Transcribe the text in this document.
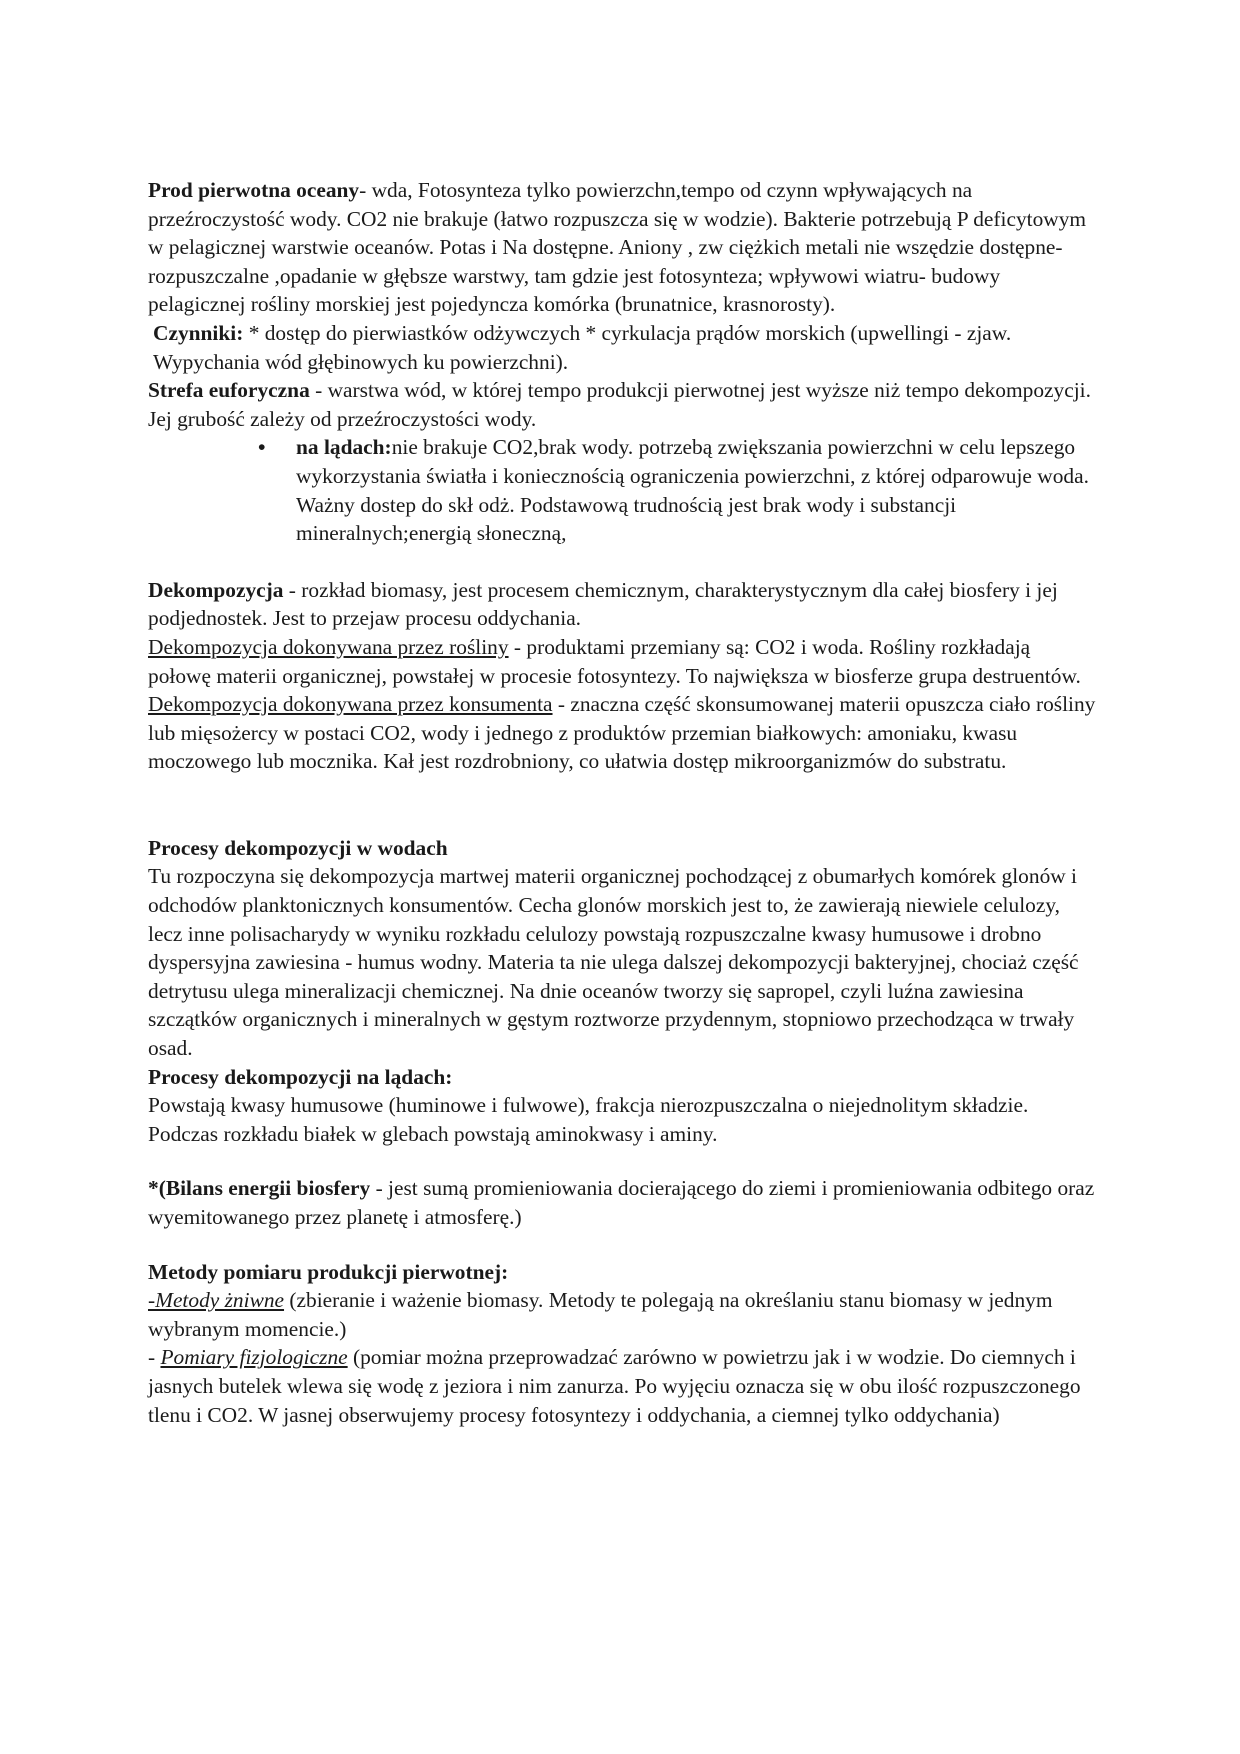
Prod pierwotna oceany- wda, Fotosynteza tylko powierzchn,tempo od czynn wpływających na przeźroczystość wody. CO2 nie brakuje (łatwo rozpuszcza się w wodzie). Bakterie potrzebują P deficytowym w pelagicznej warstwie oceanów. Potas i Na dostępne. Aniony , zw ciężkich metali nie wszędzie dostępne-rozpuszczalne ,opadanie w głębsze warstwy, tam gdzie jest fotosynteza; wpływowi wiatru- budowy pelagicznej rośliny morskiej jest pojedyncza komórka (brunatnice, krasnorosty).

Czynniki: * dostęp do pierwiastków odżywczych * cyrkulacja prądów morskich (upwellingi - zjaw. Wypychania wód głębinowych ku powierzchni).

Strefa euforyczna - warstwa wód, w której tempo produkcji pierwotnej jest wyższe niż tempo dekompozycji. Jej grubość zależy od przeźroczystości wody.

• na lądach:nie brakuje CO2,brak wody. potrzebą zwiększania powierzchni w celu lepszego wykorzystania światła i koniecznością ograniczenia powierzchni, z której odparowuje woda. Ważny dostep do skł odż. Podstawową trudnością jest brak wody i substancji mineralnych;energią słoneczną,

Dekompozycja - rozkład biomasy, jest procesem chemicznym, charakterystycznym dla całej biosfery i jej podjednostek. Jest to przejaw procesu oddychania.

Dekompozycja dokonywana przez rośliny - produktami przemiany są: CO2 i woda. Rośliny rozkładają połowę materii organicznej, powstałej w procesie fotosyntezy. To największa w biosferze grupa destruentów.

Dekompozycja dokonywana przez konsumenta - znaczna część skonsumowanej materii opuszcza ciało rośliny lub mięsożercy w postaci CO2, wody i jednego z produktów przemian białkowych: amoniaku, kwasu moczowego lub mocznika. Kał jest rozdrobniony, co ułatwia dostęp mikroorganizmów do substratu.

Procesy dekompozycji w wodach

Tu rozpoczyna się dekompozycja martwej materii organicznej pochodzącej z obumarłych komórek glonów i odchodów planktonicznych konsumentów. Cecha glonów morskich jest to, że zawierają niewiele celulozy, lecz inne polisacharydy w wyniku rozkładu celulozy powstają rozpuszczalne kwasy humusowe i drobno dyspersyjna zawiesina - humus wodny. Materia ta nie ulega dalszej dekompozycji bakteryjnej, chociaż część detrytusu ulega mineralizacji chemicznej. Na dnie oceanów tworzy się sapropel, czyli luźna zawiesina szczątków organicznych i mineralnych w gęstym roztworze przydennym, stopniowo przechodząca w trwały osad.

Procesy dekompozycji na lądach:

Powstają kwasy humusowe (huminowe i fulwowe), frakcja nierozpuszczalna o niejednolitym składzie. Podczas rozkładu białek w glebach powstają aminokwasy i aminy.

*(Bilans energii biosfery - jest sumą promieniowania docierającego do ziemi i promieniowania odbitego oraz wyemitowanego przez planetę i atmosferę.)

Metody pomiaru produkcji pierwotnej:

-Metody żniwne (zbieranie i ważenie biomasy. Metody te polegają na określaniu stanu biomasy w jednym wybranym momencie.)

- Pomiary fizjologiczne (pomiar można przeprowadzać zarówno w powietrzu jak i w wodzie. Do ciemnych i jasnych butelek wlewa się wodę z jeziora i nim zanurza. Po wyjęciu oznacza się w obu ilość rozpuszczonego tlenu i CO2. W jasnej obserwujemy procesy fotosyntezy i oddychania, a ciemnej tylko oddychania)
